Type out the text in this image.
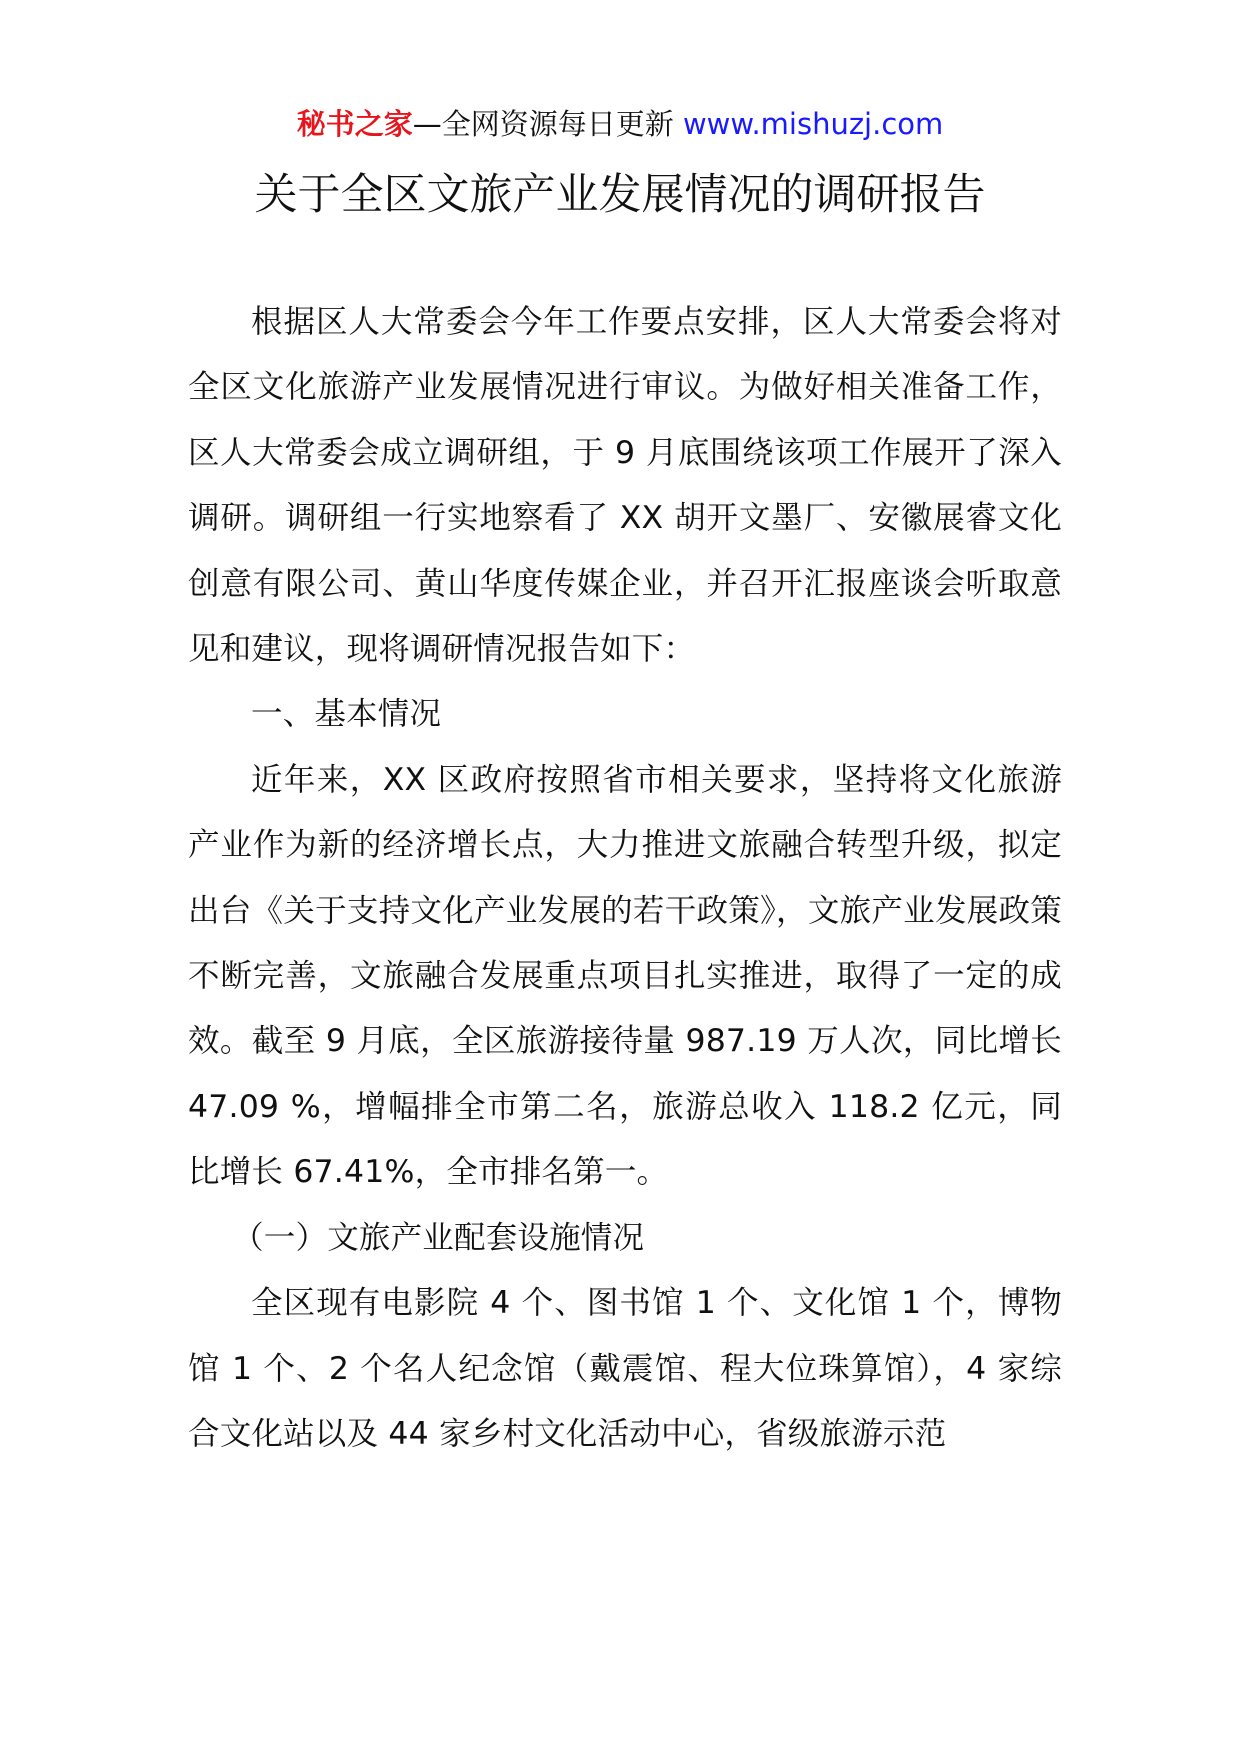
秘书之家—全网资源每日更新 www.mishuzj.com
关于全区文旅产业发展情况的调研报告

根据区人大常委会今年工作要点安排，区人大常委会将对全区文化旅游产业发展情况进行审议。为做好相关准备工作，区人大常委会成立调研组，于 9 月底围绕该项工作展开了深入调研。调研组一行实地察看了 XX 胡开文墨厂、安徽展睿文化创意有限公司、黄山华度传媒企业，并召开汇报座谈会听取意见和建议，现将调研情况报告如下：

一、基本情况

近年来，XX 区政府按照省市相关要求，坚持将文化旅游产业作为新的经济增长点，大力推进文旅融合转型升级，拟定出台《关于支持文化产业发展的若干政策》，文旅产业发展政策不断完善，文旅融合发展重点项目扎实推进，取得了一定的成效。截至 9 月底，全区旅游接待量 987.19 万人次，同比增长 47.09 %，增幅排全市第二名，旅游总收入 118.2 亿元，同比增长 67.41%，全市排名第一。

（一）文旅产业配套设施情况

全区现有电影院 4 个、图书馆 1 个、文化馆 1 个，博物馆 1 个、2 个名人纪念馆（戴震馆、程大位珠算馆），4 家综合文化站以及 44 家乡村文化活动中心，省级旅游示范
